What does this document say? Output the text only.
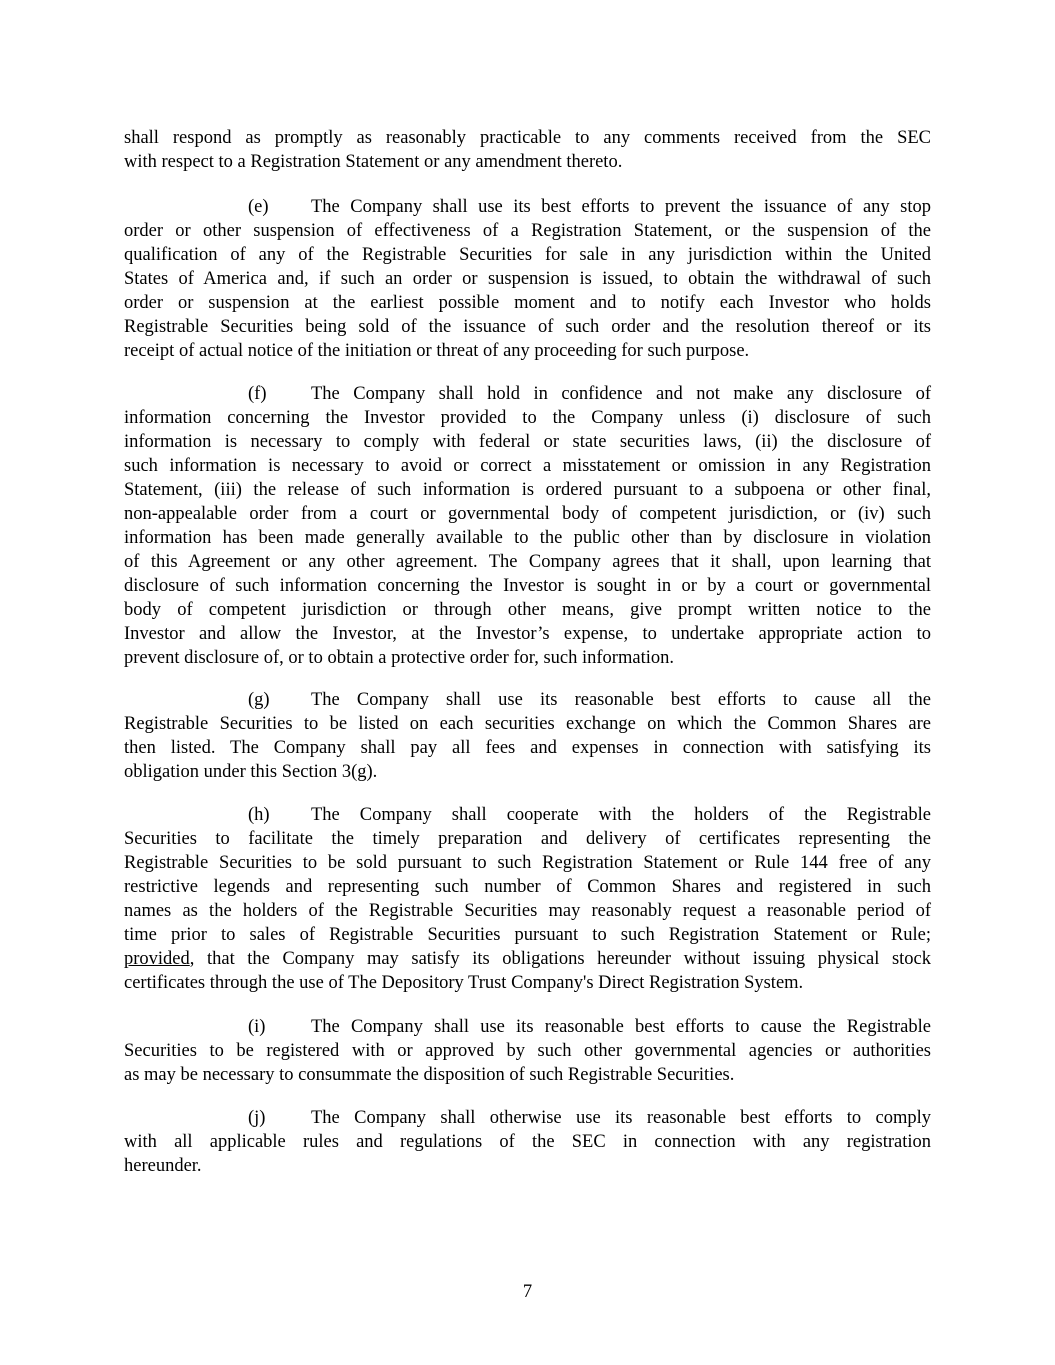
shall respond as promptly as reasonably practicable to any comments received from the SEC
with respect to a Registration Statement or any amendment thereto.
(e) The Company shall use its best efforts to prevent the issuance of any stop
order or other suspension of effectiveness of a Registration Statement, or the suspension of the
qualification of any of the Registrable Securities for sale in any jurisdiction within the United
States of America and, if such an order or suspension is issued, to obtain the withdrawal of such
order or suspension at the earliest possible moment and to notify each Investor who holds
Registrable Securities being sold of the issuance of such order and the resolution thereof or its
receipt of actual notice of the initiation or threat of any proceeding for such purpose.
(f) The Company shall hold in confidence and not make any disclosure of
information concerning the Investor provided to the Company unless (i) disclosure of such
information is necessary to comply with federal or state securities laws, (ii) the disclosure of
such information is necessary to avoid or correct a misstatement or omission in any Registration
Statement, (iii) the release of such information is ordered pursuant to a subpoena or other final,
non-appealable order from a court or governmental body of competent jurisdiction, or (iv) such
information has been made generally available to the public other than by disclosure in violation
of this Agreement or any other agreement. The Company agrees that it shall, upon learning that
disclosure of such information concerning the Investor is sought in or by a court or governmental
body of competent jurisdiction or through other means, give prompt written notice to the
Investor and allow the Investor, at the Investor’s expense, to undertake appropriate action to
prevent disclosure of, or to obtain a protective order for, such information.
(g) The Company shall use its reasonable best efforts to cause all the
Registrable Securities to be listed on each securities exchange on which the Common Shares are
then listed. The Company shall pay all fees and expenses in connection with satisfying its
obligation under this Section 3(g).
(h) The Company shall cooperate with the holders of the Registrable
Securities to facilitate the timely preparation and delivery of certificates representing the
Registrable Securities to be sold pursuant to such Registration Statement or Rule 144 free of any
restrictive legends and representing such number of Common Shares and registered in such
names as the holders of the Registrable Securities may reasonably request a reasonable period of
time prior to sales of Registrable Securities pursuant to such Registration Statement or Rule;
provided, that the Company may satisfy its obligations hereunder without issuing physical stock
certificates through the use of The Depository Trust Company's Direct Registration System.
(i) The Company shall use its reasonable best efforts to cause the Registrable
Securities to be registered with or approved by such other governmental agencies or authorities
as may be necessary to consummate the disposition of such Registrable Securities.
(j) The Company shall otherwise use its reasonable best efforts to comply
with all applicable rules and regulations of the SEC in connection with any registration
hereunder.
7
